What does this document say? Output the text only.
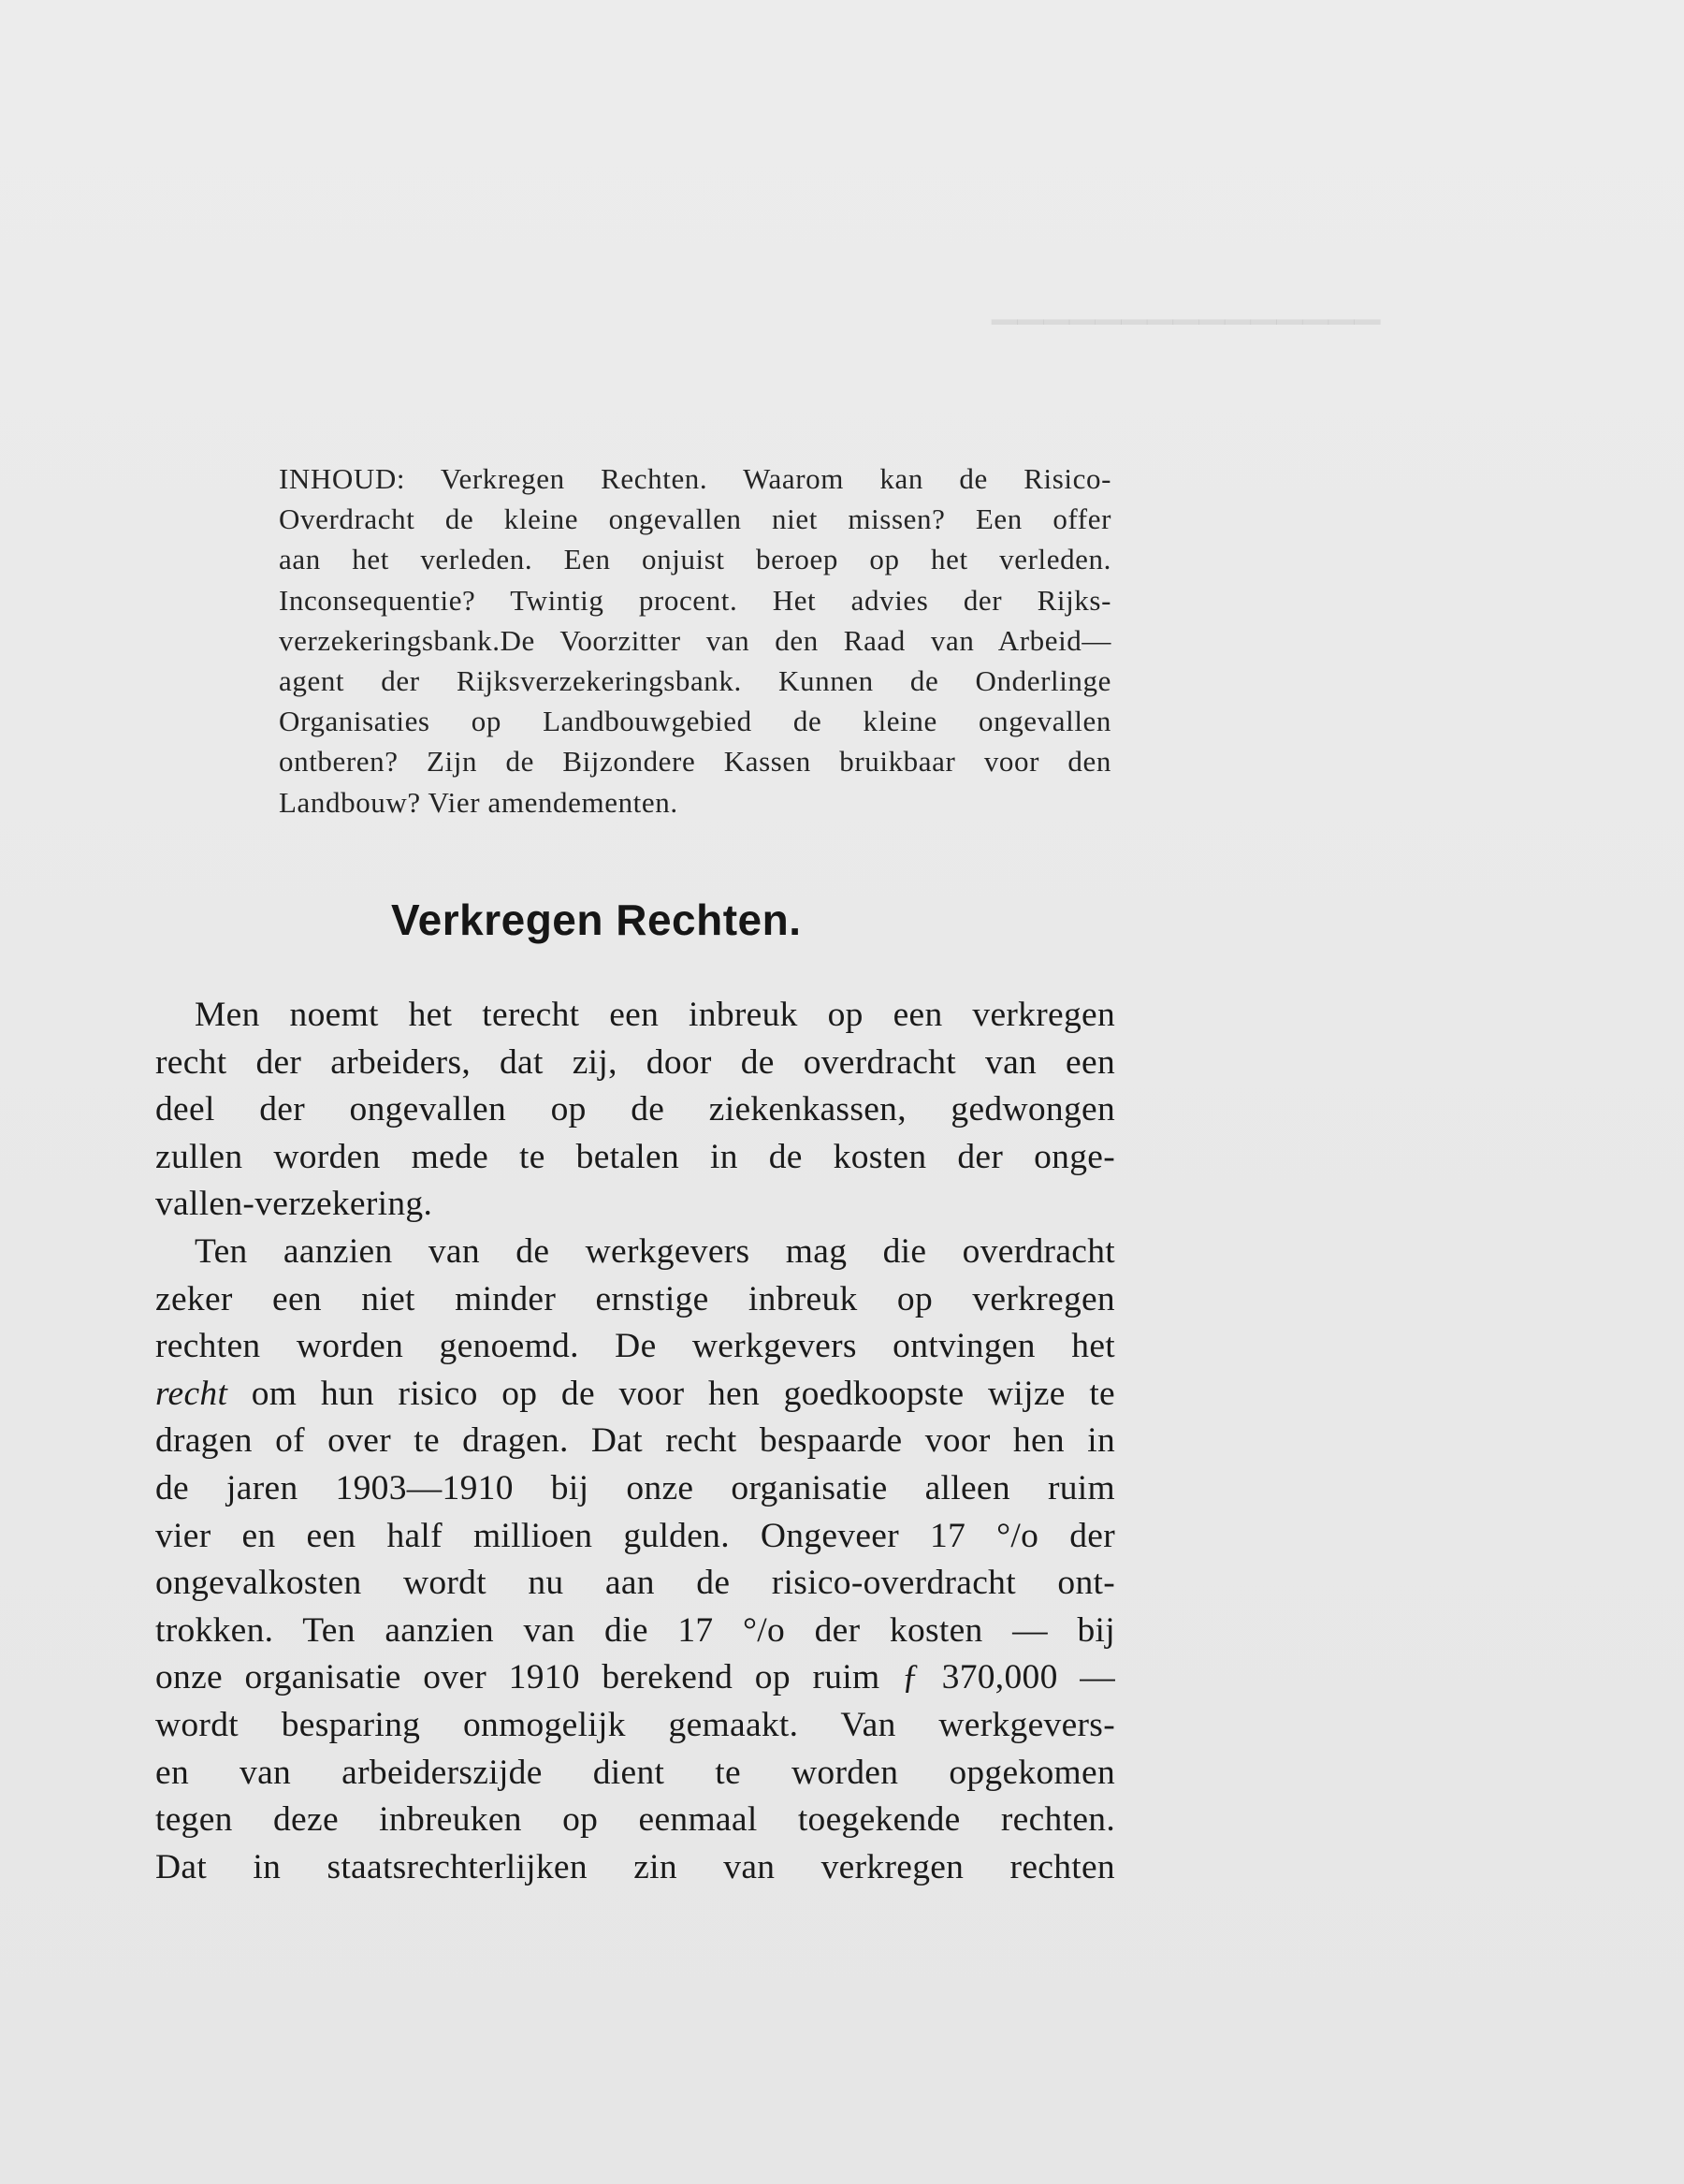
▁▁▁▁▁▁▁▁▁▁▁▁▁▁▁
INHOUD: Verkregen Rechten. Waarom kan de Risico-
Overdracht de kleine ongevallen niet missen? Een offer
aan het verleden. Een onjuist beroep op het verleden.
Inconsequentie? Twintig procent. Het advies der Rijks-
verzekeringsbank.De Voorzitter van den Raad van Arbeid—
agent der Rijksverzekeringsbank. Kunnen de Onderlinge
Organisaties op Landbouwgebied de kleine ongevallen
ontberen? Zijn de Bijzondere Kassen bruikbaar voor den
Landbouw? Vier amendementen.
Verkregen Rechten.
Men noemt het terecht een inbreuk op een verkregen
recht der arbeiders, dat zij, door de overdracht van een
deel der ongevallen op de ziekenkassen, gedwongen
zullen worden mede te betalen in de kosten der onge-
vallen-verzekering.
Ten aanzien van de werkgevers mag die overdracht
zeker een niet minder ernstige inbreuk op verkregen
rechten worden genoemd. De werkgevers ontvingen het
recht om hun risico op de voor hen goedkoopste wijze te
dragen of over te dragen. Dat recht bespaarde voor hen in
de jaren 1903—1910 bij onze organisatie alleen ruim
vier en een half millioen gulden. Ongeveer 17 °/o der
ongevalkosten wordt nu aan de risico-overdracht ont-
trokken. Ten aanzien van die 17 °/o der kosten — bij
onze organisatie over 1910 berekend op ruim ƒ 370,000 —
wordt besparing onmogelijk gemaakt. Van werkgevers-
en van arbeiderszijde dient te worden opgekomen
tegen deze inbreuken op eenmaal toegekende rechten.
Dat in staatsrechterlijken zin van verkregen rechten
